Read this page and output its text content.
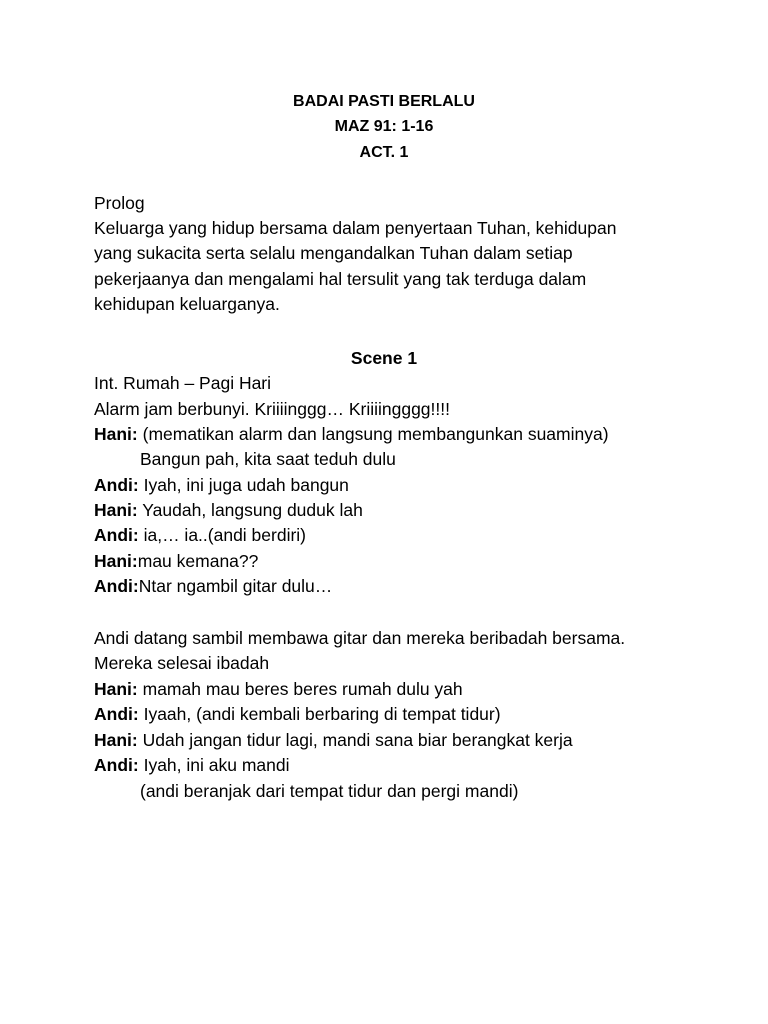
BADAI PASTI BERLALU
MAZ 91: 1-16
ACT. 1
Prolog
Keluarga yang hidup bersama dalam penyertaan Tuhan, kehidupan
yang sukacita serta selalu mengandalkan Tuhan dalam setiap
pekerjaanya dan mengalami hal tersulit yang tak terduga dalam
kehidupan keluarganya.
Scene 1
Int. Rumah – Pagi Hari
Alarm jam berbunyi. Kriiiinggg… Kriiiingggg!!!!
Hani: (mematikan alarm dan langsung membangunkan suaminya)
Bangun pah, kita saat teduh dulu
Andi: Iyah, ini juga udah bangun
Hani: Yaudah, langsung duduk lah
Andi: ia,… ia..(andi berdiri)
Hani:mau kemana??
Andi:Ntar ngambil gitar dulu…
Andi datang sambil membawa gitar dan mereka beribadah bersama.
Mereka selesai ibadah
Hani: mamah mau beres beres rumah dulu yah
Andi: Iyaah, (andi kembali berbaring di tempat tidur)
Hani: Udah jangan tidur lagi, mandi sana biar berangkat kerja
Andi: Iyah, ini aku mandi
(andi beranjak dari tempat tidur dan pergi mandi)
